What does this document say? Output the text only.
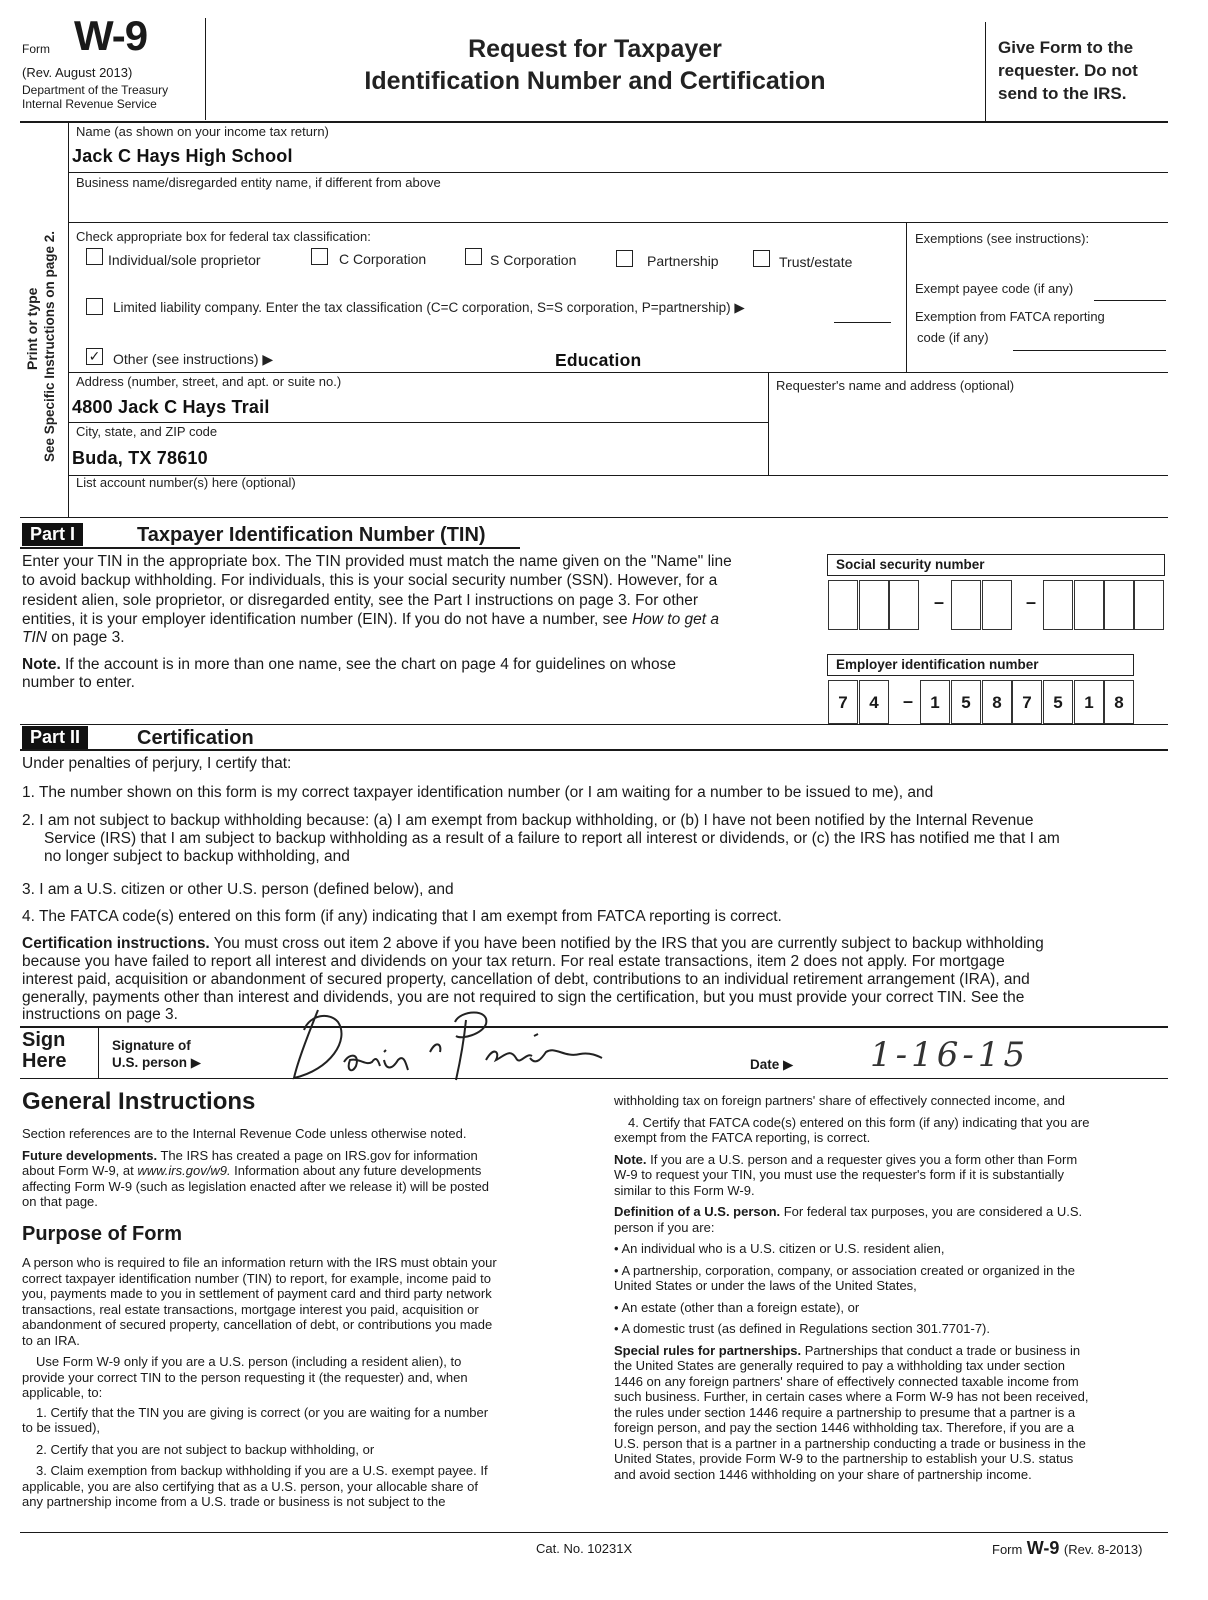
Form W-9
(Rev. August 2013)
Department of the Treasury
Internal Revenue Service
Request for Taxpayer
Identification Number and Certification
Give Form to the
requester. Do not
send to the IRS.
Print or type See Specific Instructions on page 2.
Name (as shown on your income tax return)
Jack C Hays High School
Business name/disregarded entity name, if different from above
Check appropriate box for federal tax classification:
Individual/sole proprietor	C Corporation	S Corporation	Partnership	Trust/estate
Limited liability company. Enter the tax classification (C=C corporation, S=S corporation, P=partnership) ▶
✓ Other (see instructions) ▶	Education
Exemptions (see instructions):
Exempt payee code (if any)
Exemption from FATCA reporting
code (if any)
Address (number, street, and apt. or suite no.)
4800 Jack C Hays Trail
Requester's name and address (optional)
City, state, and ZIP code
Buda, TX 78610
List account number(s) here (optional)
Part I	Taxpayer Identification Number (TIN)
Enter your TIN in the appropriate box. The TIN provided must match the name given on the "Name" line
to avoid backup withholding. For individuals, this is your social security number (SSN). However, for a
resident alien, sole proprietor, or disregarded entity, see the Part I instructions on page 3. For other
entities, it is your employer identification number (EIN). If you do not have a number, see How to get a
TIN on page 3.
Note. If the account is in more than one name, see the chart on page 4 for guidelines on whose
number to enter.
Social security number
–	–
Employer identification number
7	4	–	1	5	8	7	5	1	8
Part II	Certification
Under penalties of perjury, I certify that:
1. The number shown on this form is my correct taxpayer identification number (or I am waiting for a number to be issued to me), and
2. I am not subject to backup withholding because: (a) I am exempt from backup withholding, or (b) I have not been notified by the Internal Revenue
Service (IRS) that I am subject to backup withholding as a result of a failure to report all interest or dividends, or (c) the IRS has notified me that I am
no longer subject to backup withholding, and
3. I am a U.S. citizen or other U.S. person (defined below), and
4. The FATCA code(s) entered on this form (if any) indicating that I am exempt from FATCA reporting is correct.
Certification instructions. You must cross out item 2 above if you have been notified by the IRS that you are currently subject to backup withholding
because you have failed to report all interest and dividends on your tax return. For real estate transactions, item 2 does not apply. For mortgage
interest paid, acquisition or abandonment of secured property, cancellation of debt, contributions to an individual retirement arrangement (IRA), and
generally, payments other than interest and dividends, you are not required to sign the certification, but you must provide your correct TIN. See the
instructions on page 3.
Sign
Here
Signature of
U.S. person ▶	Date ▶ 1-16-15
General Instructions
Section references are to the Internal Revenue Code unless otherwise noted.
Future developments. The IRS has created a page on IRS.gov for information
about Form W-9, at www.irs.gov/w9. Information about any future developments
affecting Form W-9 (such as legislation enacted after we release it) will be posted
on that page.
Purpose of Form
A person who is required to file an information return with the IRS must obtain your
correct taxpayer identification number (TIN) to report, for example, income paid to
you, payments made to you in settlement of payment card and third party network
transactions, real estate transactions, mortgage interest you paid, acquisition or
abandonment of secured property, cancellation of debt, or contributions you made
to an IRA.
Use Form W-9 only if you are a U.S. person (including a resident alien), to
provide your correct TIN to the person requesting it (the requester) and, when
applicable, to:
1. Certify that the TIN you are giving is correct (or you are waiting for a number
to be issued),
2. Certify that you are not subject to backup withholding, or
3. Claim exemption from backup withholding if you are a U.S. exempt payee. If
applicable, you are also certifying that as a U.S. person, your allocable share of
any partnership income from a U.S. trade or business is not subject to the
withholding tax on foreign partners' share of effectively connected income, and
4. Certify that FATCA code(s) entered on this form (if any) indicating that you are
exempt from the FATCA reporting, is correct.
Note. If you are a U.S. person and a requester gives you a form other than Form
W-9 to request your TIN, you must use the requester's form if it is substantially
similar to this Form W-9.
Definition of a U.S. person. For federal tax purposes, you are considered a U.S.
person if you are:
• An individual who is a U.S. citizen or U.S. resident alien,
• A partnership, corporation, company, or association created or organized in the
United States or under the laws of the United States,
• An estate (other than a foreign estate), or
• A domestic trust (as defined in Regulations section 301.7701-7).
Special rules for partnerships. Partnerships that conduct a trade or business in
the United States are generally required to pay a withholding tax under section
1446 on any foreign partners' share of effectively connected taxable income from
such business. Further, in certain cases where a Form W-9 has not been received,
the rules under section 1446 require a partnership to presume that a partner is a
foreign person, and pay the section 1446 withholding tax. Therefore, if you are a
U.S. person that is a partner in a partnership conducting a trade or business in the
United States, provide Form W-9 to the partnership to establish your U.S. status
and avoid section 1446 withholding on your share of partnership income.
Cat. No. 10231X	Form W-9 (Rev. 8-2013)
